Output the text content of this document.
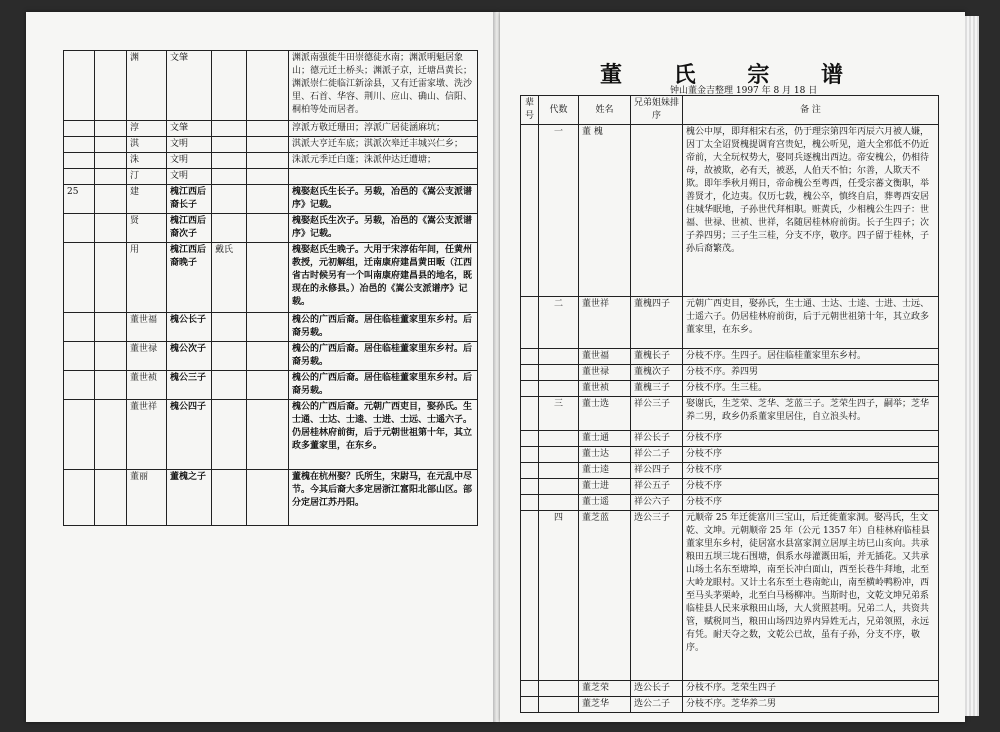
		渊	文肇			渊派南强徙牛田崇德徒水南；渊派明魁居象山；德元迁土桥头；渊派子京，迁塘昌黄长；渊派崇仁徙临江新涂县，又有迁雷家墩、洗沙里、石首、华容、荆川、应山、确山、信阳、桐柏等处而居者。
		淳	文肇			淳派方敬迁珊田；淳派广居徒涵麻坑；
		淇	文明			淇派大亨迁车底；淇派次皋迁丰城兴仁乡；
		洙	文明			洙派元季迁白蓬；洙派仲达迁遭塘；
		汀	文明			
25		建	槐江西后裔长子			槐娶赵氏生长子。另载，冶邑的《嵩公支派谱序》记载。
		贤	槐江西后裔次子			槐娶赵氏生次子。另载，冶邑的《嵩公支派谱序》记载。
		用	槐江西后裔晚子	戴氏		槐娶赵氏生晚子。大用于宋淳佑年间，任黄州教授，元初解组，迁南康府建昌黄田畈（江西省古时候另有一个叫南康府建昌县的地名，既现在的永修县。）冶邑的《嵩公支派谱序》记载。
		董世福	槐公长子			槐公的广西后裔。居住临桂董家里东乡村。后裔另载。
		董世禄	槐公次子			槐公的广西后裔。居住临桂董家里东乡村。后裔另载。
		董世祯	槐公三子			槐公的广西后裔。居住临桂董家里东乡村。后裔另载。
		董世祥	槐公四子			槐公的广西后裔。元朝广西吏目，娶孙氏。生士通、士达、士逵、士进、士远、士遥六子。仍居桂林府前街，后于元朝世祖第十年，其立政多董家里，在东乡。
		董丽	董槐之子			董槐在杭州娶？氏所生，宋尉马，在元乱中尽节。今其后裔大多定居浙江富阳北部山区。部分定居江苏丹阳。
董 氏 宗 谱
钟山董金吉整理 1997 年 8 月 18 日
辈号	代数	姓名	兄弟姐妹排 序	备 注
	一	董 槐		槐公中厚，即拜相宋右丞，仍于理宗第四年丙辰六月被人嫌，因丁太全诏贤槐提调育宫贵妃，槐公听见，道大全邪低不仍近帝前，大全玩权势大，娶同兵逐槐出西边。帝安槐公，仍相待母，故被欺，必有天，被恶，人伯天不怕；尔善，人欺天不欺。即年季秋月朔日，帝命槐公至粤西，任受宗蕃文衡职，举善贤才，化边夷。仅历七载，槐公卒，慎终自启，葬粤西安居住城华眠地，子孙世代拜相职。赃黄氏，少相槐公生四子：世福、世禄、世祯、世祥，名随居桂林府前街。长子生四子；次子养四男；三子生三桂，分支不序，敬序。四子留于桂林，子孙后裔繁茂。
	二	董世祥	董槐四子	元朝广西吏目，娶孙氏，生士通、士达、士逵、士进、士远、士遥六子。仍居桂林府前街，后于元朝世祖第十年，其立政多董家里，在东乡。
		董世福	董槐长子	分枝不序。生四子。居住临桂董家里东乡村。
		董世禄	董槐次子	分枝不序。养四男
		董世祯	董槐三子	分枝不序。生三桂。
	三	董士选	祥公三子	娶谢氏，生芝荣、芝华、芝蓝三子。芝荣生四子，嗣举；芝华养二男，政乡仍系董家里居住，自立浪头村。
		董士通	祥公长子	分枝不序
		董士达	祥公二子	分枝不序
		董士逵	祥公四子	分枝不序
		董士进	祥公五子	分枝不序
		董士遥	祥公六子	分枝不序
	四	董芝蓝	选公三子	元顺帝 25 年迁徙富川三宝山，后迁徙董家洞。娶冯氏，生文乾、文坤。元朝顺帝 25 年（公元 1357 年）自桂林府临桂县董家里东乡村，徒居富水县富家洞立居厚主坊巳山亥向。共承粮田五坝三垅石围塘，俱系水母灌溉田垢，并无插花。又共承山场土名东至塘埠，南至长冲白面山，西至长巷牛拜地，北至大岭龙眼村。又计土名东至土巷南蛇山，南至横岭鸭粉冲，西至马头茅栗岭，北至白马杨柳冲。当斯时也，文乾文坤兄弟系临桂县人民来承粮田山场，大人赏照甚明。兄弟二人，共资共管，赋税同当，粮田山场四边界内异姓无占，兄弟领照，永远有凭。耐天夺之数，文乾公已故，虽有子孙，分支不序，敬序。
		董芝荣	选公长子	分枝不序。芝荣生四子
		董芝华	选公二子	分枝不序。芝华养二男
